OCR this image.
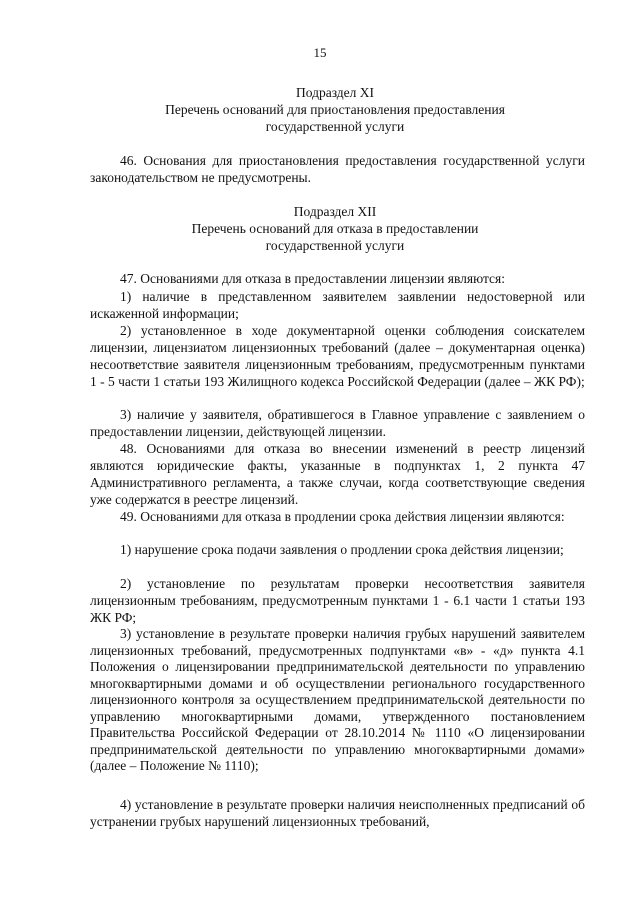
15
Подраздел XI
Перечень оснований для приостановления предоставления
государственной услуги
46. Основания для приостановления предоставления государственной услуги законодательством не предусмотрены.
Подраздел XII
Перечень оснований для отказа в предоставлении
государственной услуги
47. Основаниями для отказа в предоставлении лицензии являются:
1) наличие в представленном заявителем заявлении недостоверной или искаженной информации;
2) установленное в ходе документарной оценки соблюдения соискателем лицензии, лицензиатом лицензионных требований (далее – документарная оценка) несоответствие заявителя лицензионным требованиям, предусмотренным пунктами 1 - 5 части 1 статьи 193 Жилищного кодекса Российской Федерации (далее – ЖК РФ);
3) наличие у заявителя, обратившегося в Главное управление с заявлением о предоставлении лицензии, действующей лицензии.
48. Основаниями для отказа во внесении изменений в реестр лицензий являются юридические факты, указанные в подпунктах 1, 2 пункта 47 Административного регламента, а также случаи, когда соответствующие сведения уже содержатся в реестре лицензий.
49. Основаниями для отказа в продлении срока действия лицензии являются:
1) нарушение срока подачи заявления о продлении срока действия лицензии;
2) установление по результатам проверки несоответствия заявителя лицензионным требованиям, предусмотренным пунктами 1 - 6.1 части 1 статьи 193 ЖК РФ;
3) установление в результате проверки наличия грубых нарушений заявителем лицензионных требований, предусмотренных подпунктами «в» - «д» пункта 4.1 Положения о лицензировании предпринимательской деятельности по управлению многоквартирными домами и об осуществлении регионального государственного лицензионного контроля за осуществлением предпринимательской деятельности по управлению многоквартирными домами, утвержденного постановлением Правительства Российской Федерации от 28.10.2014 № 1110 «О лицензировании предпринимательской деятельности по управлению многоквартирными домами» (далее – Положение № 1110);
4) установление в результате проверки наличия неисполненных предписаний об устранении грубых нарушений лицензионных требований,
